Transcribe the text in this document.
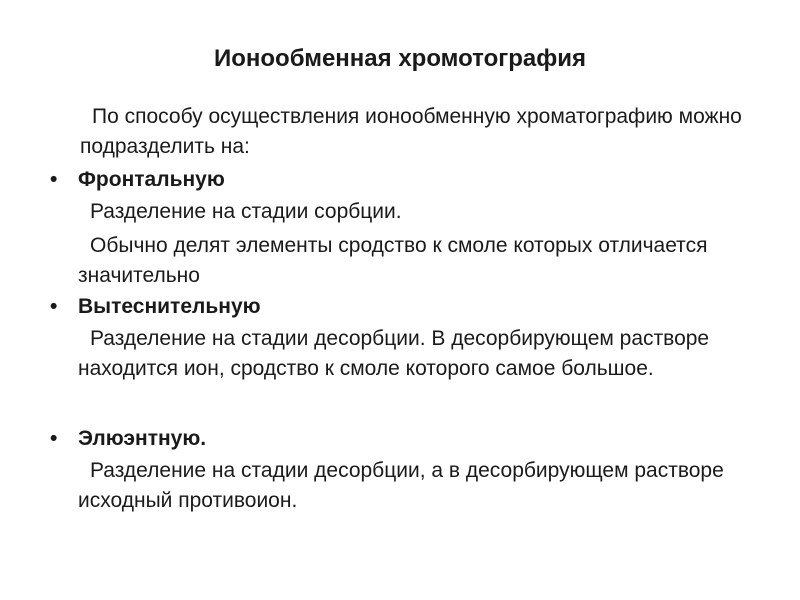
Ионообменная хромотография
По способу осуществления ионообменную хроматографию можно подразделить на:
• Фронтальную

Разделение на стадии сорбции.

Обычно делят элементы сродство к смоле которых отличается значительно

• Вытеснительную

Разделение на стадии десорбции. В десорбирующем растворе находится ион, сродство к смоле которого самое большое.

• Элюэнтную.

Разделение на стадии десорбции, а в десорбирующем растворе исходный противоион.
